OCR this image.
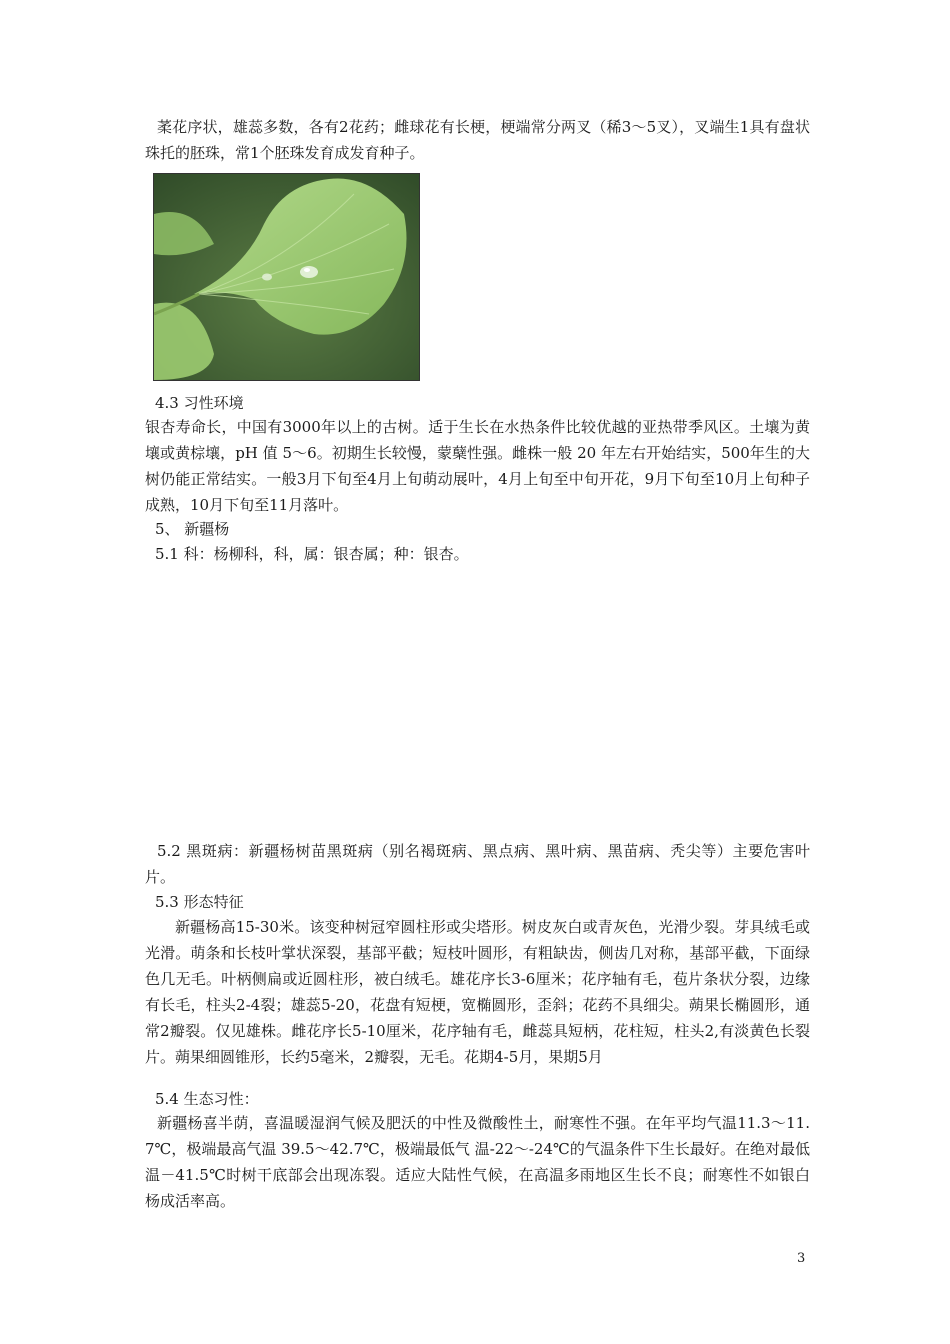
葇花序状，雄蕊多数，各有2花药；雌球花有长梗，梗端常分两叉（稀3～5叉），叉端生1具有盘状珠托的胚珠，常1个胚珠发育成发育种子。

4.3 习性环境

银杏寿命长，中国有3000年以上的古树。适于生长在水热条件比较优越的亚热带季风区。土壤为黄壤或黄棕壤，pH 值 5～6。初期生长较慢，蒙蘖性强。雌株一般 20 年左右开始结实，500年生的大树仍能正常结实。一般3月下旬至4月上旬萌动展叶，4月上旬至中旬开花，9月下旬至10月上旬种子成熟，10月下旬至11月落叶。

5、 新疆杨

5.1 科：杨柳科，科，属：银杏属；种：银杏。

5.2 黑斑病：新疆杨树苗黑斑病（别名褐斑病、黑点病、黑叶病、黑苗病、秃尖等）主要危害叶片。

5.3 形态特征

新疆杨高15-30米。该变种树冠窄圆柱形或尖塔形。树皮灰白或青灰色，光滑少裂。芽具绒毛或光滑。萌条和长枝叶掌状深裂，基部平截；短枝叶圆形，有粗缺齿，侧齿几对称，基部平截，下面绿色几无毛。叶柄侧扁或近圆柱形，被白绒毛。雄花序长3-6厘米；花序轴有毛，苞片条状分裂，边缘有长毛，柱头2-4裂；雄蕊5-20，花盘有短梗，宽椭圆形，歪斜；花药不具细尖。蒴果长椭圆形，通常2瓣裂。仅见雄株。雌花序长5-10厘米，花序轴有毛，雌蕊具短柄，花柱短，柱头2,有淡黄色长裂片。蒴果细圆锥形，长约5毫米，2瓣裂，无毛。花期4-5月，果期5月

5.4 生态习性：

新疆杨喜半荫，喜温暖湿润气候及肥沃的中性及微酸性土，耐寒性不强。在年平均气温11.3～11.7℃，极端最高气温 39.5～42.7℃，极端最低气 温-22～-24℃的气温条件下生长最好。在绝对最低温－41.5℃时树干底部会出现冻裂。适应大陆性气候，在高温多雨地区生长不良；耐寒性不如银白杨成活率高。

3
